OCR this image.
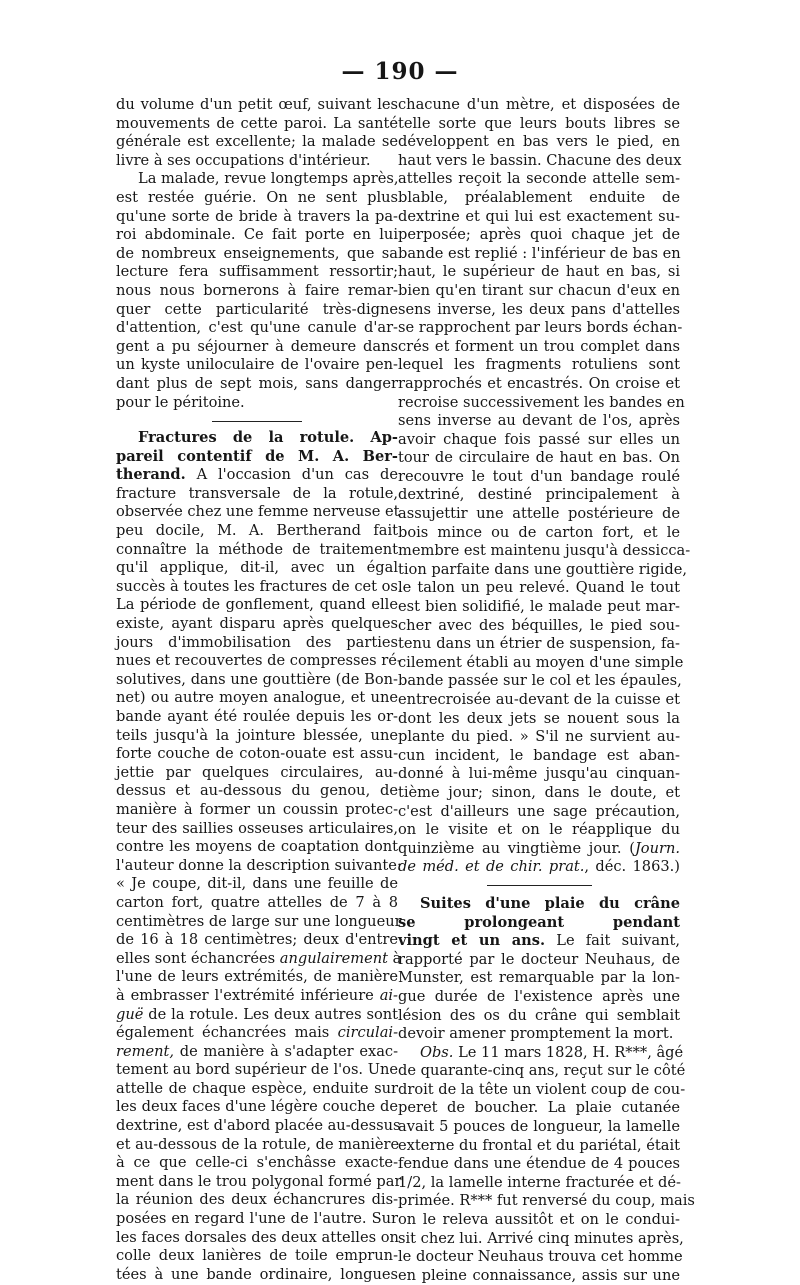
— 190 —
du volume d'un petit œuf, suivant les
mouvements de cette paroi. La santé
générale est excellente; la malade se
livre à ses occupations d'intérieur.
La malade, revue longtemps après,
est restée guérie. On ne sent plus
qu'une sorte de bride à travers la pa-
roi abdominale. Ce fait porte en lui
de nombreux enseignements, que sa
lecture fera suffisamment ressortir;
nous nous bornerons à faire remar-
quer cette particularité très-digne
d'attention, c'est qu'une canule d'ar-
gent a pu séjourner à demeure dans
un kyste uniloculaire de l'ovaire pen-
dant plus de sept mois, sans danger
pour le péritoine.
Fractures de la rotule. Ap-
pareil contentif de M. A. Ber-
therand. A l'occasion d'un cas de
fracture transversale de la rotule,
observée chez une femme nerveuse et
peu docile, M. A. Bertherand fait
connaître la méthode de traitement
qu'il applique, dit-il, avec un égal
succès à toutes les fractures de cet os.
La période de gonflement, quand elle
existe, ayant disparu après quelques
jours d'immobilisation des parties
nues et recouvertes de compresses ré-
solutives, dans une gouttière (de Bon-
net) ou autre moyen analogue, et une
bande ayant été roulée depuis les or-
teils jusqu'à la jointure blessée, une
forte couche de coton-ouate est assu-
jettie par quelques circulaires, au-
dessus et au-dessous du genou, de
manière à former un coussin protec-
teur des saillies osseuses articulaires,
contre les moyens de coaptation dont
l'auteur donne la description suivante:
« Je coupe, dit-il, dans une feuille de
carton fort, quatre attelles de 7 à 8
centimètres de large sur une longueur
de 16 à 18 centimètres; deux d'entre
elles sont échancrées angulairement à
l'une de leurs extrémités, de manière
à embrasser l'extrémité inférieure ai-
guë de la rotule. Les deux autres sont
également échancrées mais circulai-
rement, de manière à s'adapter exac-
tement au bord supérieur de l'os. Une
attelle de chaque espèce, enduite sur
les deux faces d'une légère couche de
dextrine, est d'abord placée au-dessus
et au-dessous de la rotule, de manière
à ce que celle-ci s'enchâsse exacte-
ment dans le trou polygonal formé par
la réunion des deux échancrures dis-
posées en regard l'une de l'autre. Sur
les faces dorsales des deux attelles on
colle deux lanières de toile emprun-
tées à une bande ordinaire, longues
chacune d'un mètre, et disposées de
telle sorte que leurs bouts libres se
développent en bas vers le pied, en
haut vers le bassin. Chacune des deux
attelles reçoit la seconde attelle sem-
blable, préalablement enduite de
dextrine et qui lui est exactement su-
perposée; après quoi chaque jet de
bande est replié : l'inférieur de bas en
haut, le supérieur de haut en bas, si
bien qu'en tirant sur chacun d'eux en
sens inverse, les deux pans d'attelles
se rapprochent par leurs bords échan-
crés et forment un trou complet dans
lequel les fragments rotuliens sont
rapprochés et encastrés. On croise et
recroise successivement les bandes en
sens inverse au devant de l'os, après
avoir chaque fois passé sur elles un
tour de circulaire de haut en bas. On
recouvre le tout d'un bandage roulé
dextriné, destiné principalement à
assujettir une attelle postérieure de
bois mince ou de carton fort, et le
membre est maintenu jusqu'à dessicca-
tion parfaite dans une gouttière rigide,
le talon un peu relevé. Quand le tout
est bien solidifié, le malade peut mar-
cher avec des béquilles, le pied sou-
tenu dans un étrier de suspension, fa-
cilement établi au moyen d'une simple
bande passée sur le col et les épaules,
entrecroisée au-devant de la cuisse et
dont les deux jets se nouent sous la
plante du pied. » S'il ne survient au-
cun incident, le bandage est aban-
donné à lui-même jusqu'au cinquan-
tième jour; sinon, dans le doute, et
c'est d'ailleurs une sage précaution,
on le visite et on le réapplique du
quinzième au vingtième jour. (Journ.
de méd. et de chir. prat., déc. 1863.)
Suites d'une plaie du crâne
se prolongeant pendant
vingt et un ans. Le fait suivant,
rapporté par le docteur Neuhaus, de
Munster, est remarquable par la lon-
gue durée de l'existence après une
lésion des os du crâne qui semblait
devoir amener promptement la mort.
Obs. Le 11 mars 1828, H. R***, âgé
de quarante-cinq ans, reçut sur le côté
droit de la tête un violent coup de cou-
peret de boucher. La plaie cutanée
avait 5 pouces de longueur, la lamelle
externe du frontal et du pariétal, était
fendue dans une étendue de 4 pouces
1/2, la lamelle interne fracturée et dé-
primée. R*** fut renversé du coup, mais
on le releva aussitôt et on le condui-
sit chez lui. Arrivé cinq minutes après,
le docteur Neuhaus trouva cet homme
en pleine connaissance, assis sur une
